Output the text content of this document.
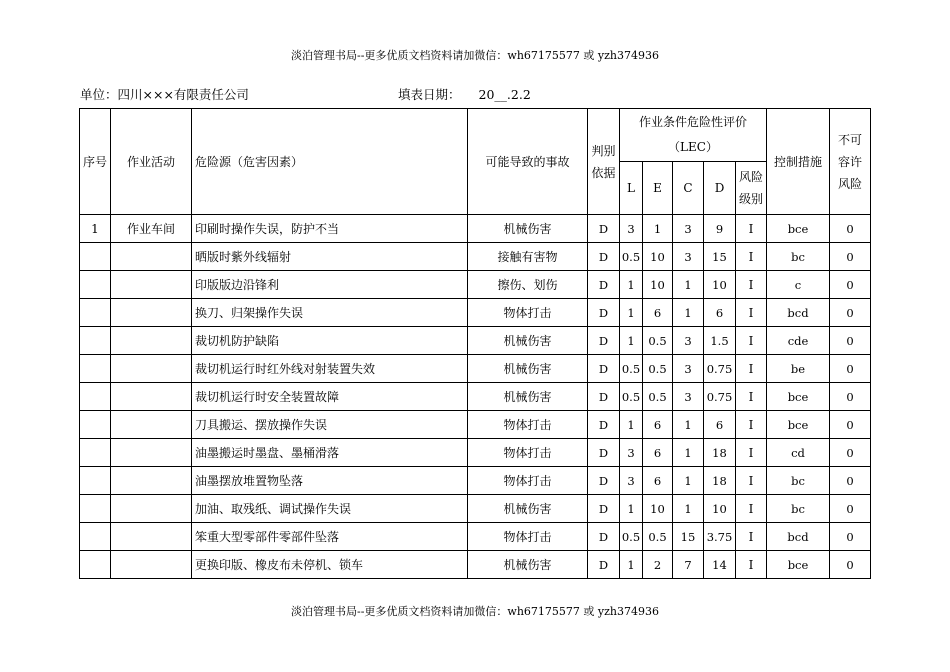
淡泊管理书局--更多优质文档资料请加微信：wh67175577 或 yzh374936
单位：四川×××有限责任公司	填表日期： 20__.2.2
序号	作业活动	危险源（危害因素）	可能导致的事故	判别
依据	作业条件危险性评价
（LEC）					控制措施	不可
容许
风险
					L	E	C	D	风险
级别		
1	作业车间	印刷时操作失误，防护不当	机械伤害	D	3	1	3	9	I	bce	0
		晒版时紫外线辐射	接触有害物	D	0.5	10	3	15	I	bc	0
		印版版边沿锋利	擦伤、划伤	D	1	10	1	10	I	c	0
		换刀、归架操作失误	物体打击	D	1	6	1	6	I	bcd	0
		裁切机防护缺陷	机械伤害	D	1	0.5	3	1.5	I	cde	0
		裁切机运行时红外线对射装置失效	机械伤害	D	0.5	0.5	3	0.75	I	be	0
		裁切机运行时安全装置故障	机械伤害	D	0.5	0.5	3	0.75	I	bce	0
		刀具搬运、摆放操作失误	物体打击	D	1	6	1	6	I	bce	0
		油墨搬运时墨盘、墨桶滑落	物体打击	D	3	6	1	18	I	cd	0
		油墨摆放堆置物坠落	物体打击	D	3	6	1	18	I	bc	0
		加油、取残纸、调试操作失误	机械伤害	D	1	10	1	10	I	bc	0
		笨重大型零部件零部件坠落	物体打击	D	0.5	0.5	15	3.75	I	bcd	0
		更换印版、橡皮布未停机、锁车	机械伤害	D	1	2	7	14	I	bce	0
淡泊管理书局--更多优质文档资料请加微信：wh67175577 或 yzh374936
